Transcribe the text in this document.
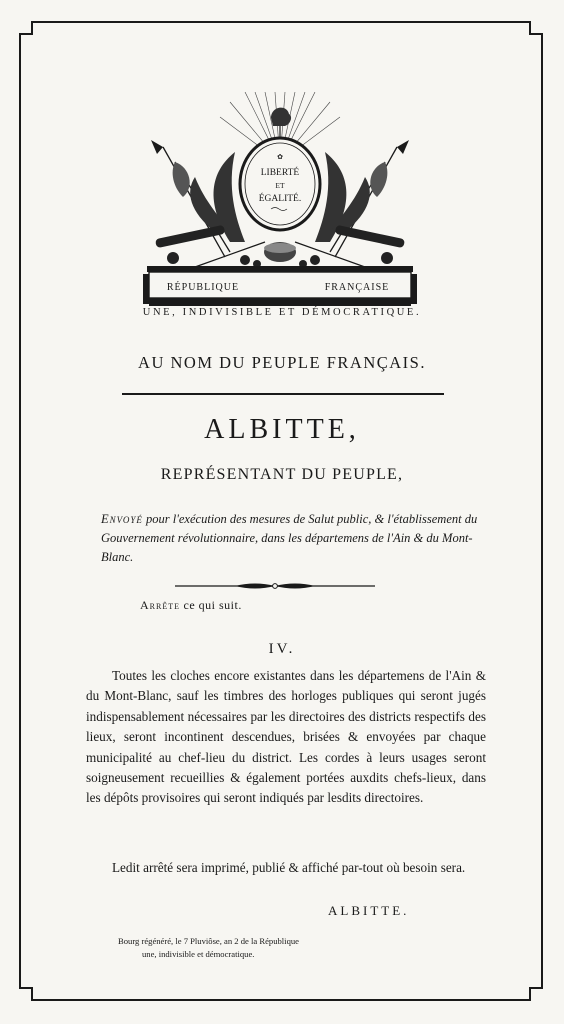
✿
LIBERTÉ
ET
ÉGALITÉ.
RÉPUBLIQUE	FRANÇAISE
UNE, INDIVISIBLE ET DÉMOCRATIQUE.
AU NOM DU PEUPLE FRANÇAIS.
ALBITTE,
REPRÉSENTANT DU PEUPLE,
Envoyé pour l'exécution des mesures de Salut public, & l'établissement du Gouvernement révolutionnaire, dans les départemens de l'Ain & du Mont-Blanc.
Arrête ce qui suit.
IV.
Toutes les cloches encore existantes dans les départemens de l'Ain & du Mont-Blanc, sauf les timbres des horloges publiques qui seront jugés indispensablement nécessaires par les directoires des districts respectifs des lieux, seront incontinent descendues, brisées & envoyées par chaque municipalité au chef-lieu du district. Les cordes à leurs usages seront soigneusement recueillies & également portées auxdits chefs-lieux, dans les dépôts provisoires qui seront indiqués par lesdits directoires.
Ledit arrêté sera imprimé, publié & affiché par-tout où besoin sera.
ALBITTE.
Bourg régénéré, le 7 Pluviôse, an 2 de la République
une, indivisible et démocratique.
